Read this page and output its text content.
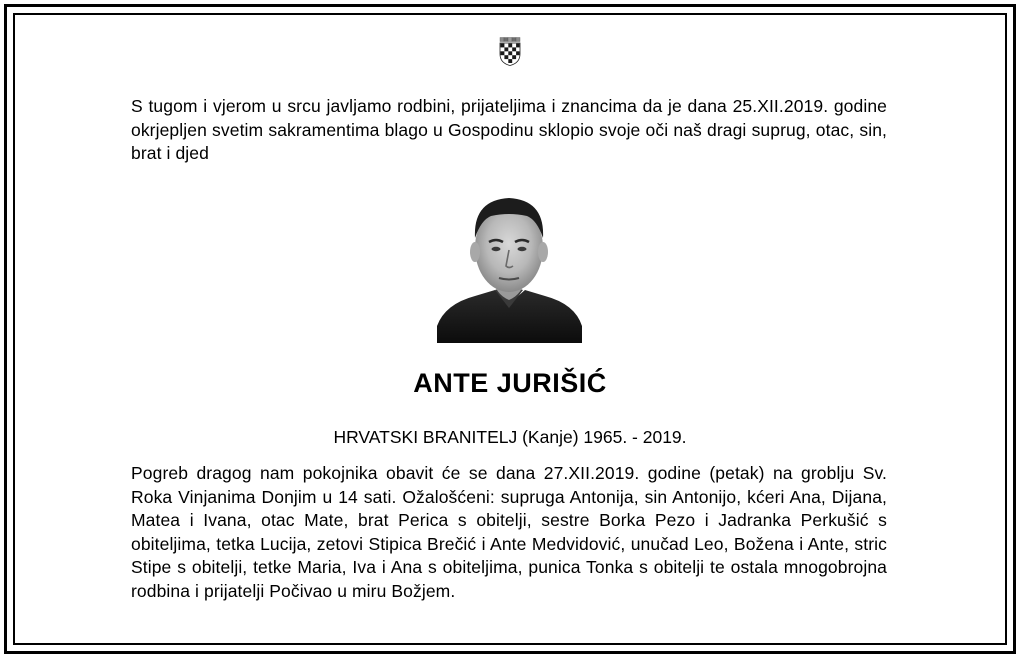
S tugom i vjerom u srcu javljamo rodbini, prijateljima i znancima da je dana 25.XII.2019. godine okrjepljen svetim sakramentima blago u Gospodinu sklopio svoje oči naš dragi suprug, otac, sin, brat i djed
ANTE JURIŠIĆ
HRVATSKI BRANITELJ (Kanje) 1965. - 2019.
Pogreb dragog nam pokojnika obavit će se dana 27.XII.2019. godine (petak) na groblju Sv. Roka Vinjanima Donjim u 14 sati. Ožalošćeni: supruga Antonija, sin Antonijo, kćeri Ana, Dijana, Matea i Ivana, otac Mate, brat Perica s obitelji, sestre Borka Pezo i Jadranka Perkušić s obiteljima, tetka Lucija, zetovi Stipica Brečić i Ante Medvidović, unučad Leo, Božena i Ante, stric Stipe s obitelji, tetke Maria, Iva i Ana s obiteljima, punica Tonka s obitelji te ostala mnogobrojna rodbina i prijatelji Počivao u miru Božjem.
